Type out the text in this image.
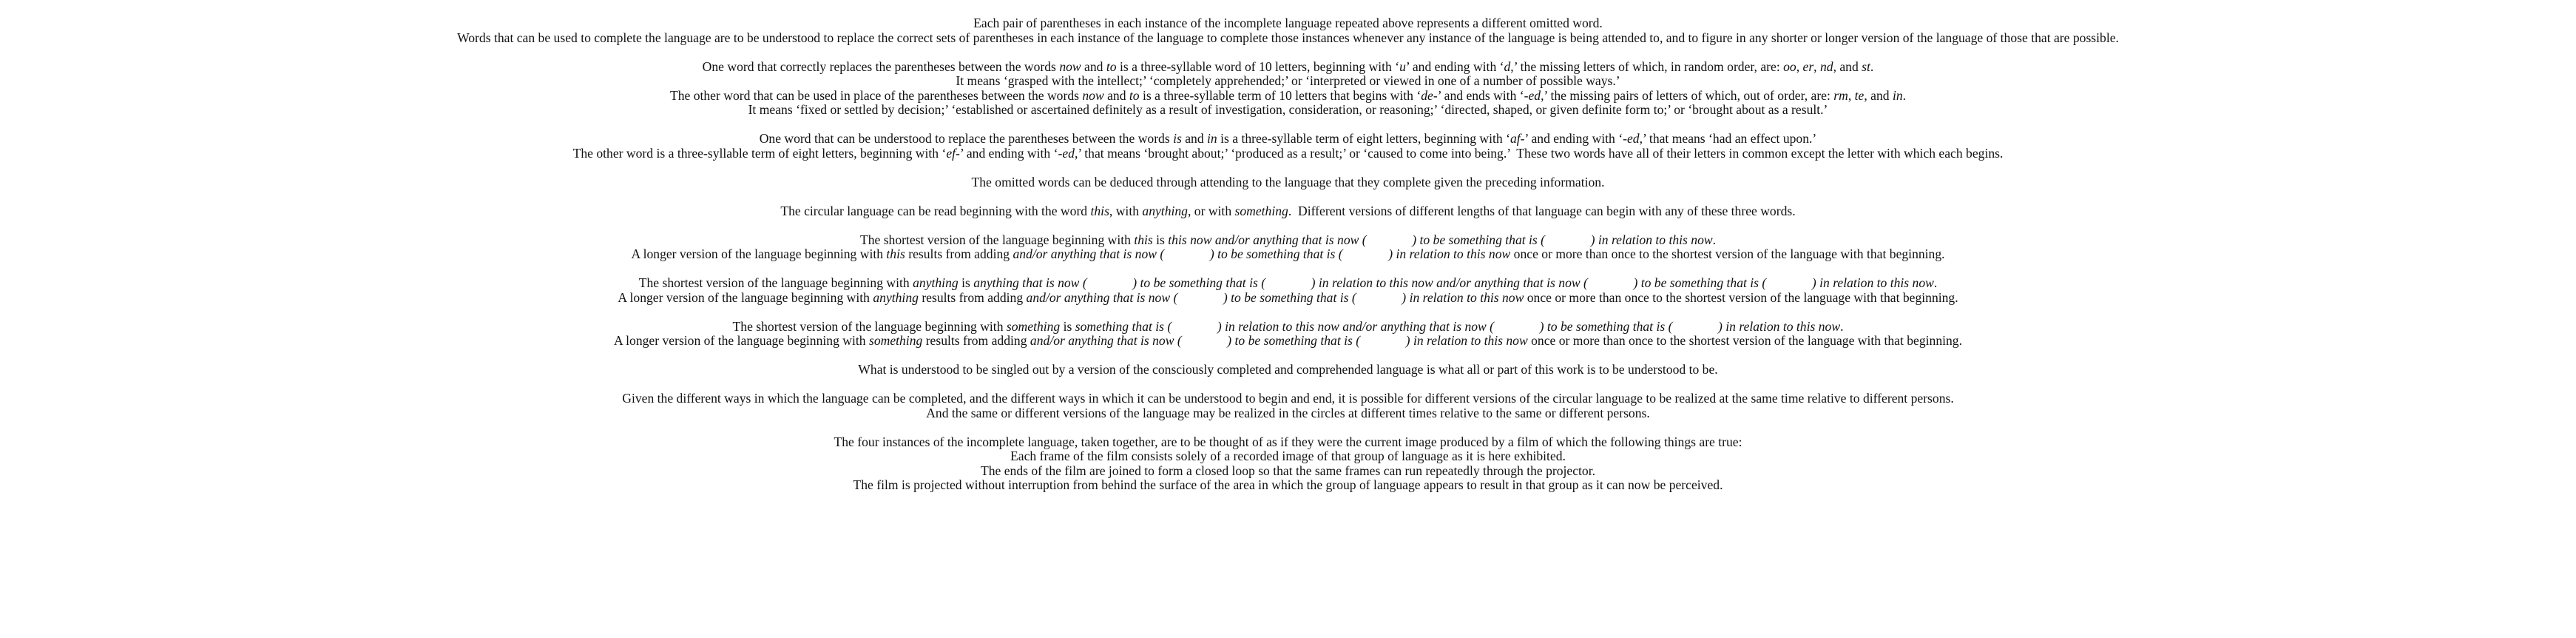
Each pair of parentheses in each instance of the incomplete language repeated above represents a different omitted word.
Words that can be used to complete the language are to be understood to replace the correct sets of parentheses in each instance of the language to complete those instances whenever any instance of the language is being attended to, and to figure in any shorter or longer version of the language of those that are possible.
One word that correctly replaces the parentheses between the words now and to is a three-syllable word of 10 letters, beginning with ‘u’ and ending with ‘d,’ the missing letters of which, in random order, are: oo, er, nd, and st.
It means ‘grasped with the intellect;’ ‘completely apprehended;’ or ‘interpreted or viewed in one of a number of possible ways.’
The other word that can be used in place of the parentheses between the words now and to is a three-syllable term of 10 letters that begins with ‘de-’ and ends with ‘-ed,’ the missing pairs of letters of which, out of order, are: rm, te, and in.
It means ‘fixed or settled by decision;’ ‘established or ascertained definitely as a result of investigation, consideration, or reasoning;’ ‘directed, shaped, or given definite form to;’ or ‘brought about as a result.’
One word that can be understood to replace the parentheses between the words is and in is a three-syllable term of eight letters, beginning with ‘af-’ and ending with ‘-ed,’ that means ‘had an effect upon.’
The other word is a three-syllable term of eight letters, beginning with ‘ef-’ and ending with ‘-ed,’ that means ‘brought about;’ ‘produced as a result;’ or ‘caused to come into being.’  These two words have all of their letters in common except the letter with which each begins.
The omitted words can be deduced through attending to the language that they complete given the preceding information.
The circular language can be read beginning with the word this, with anything, or with something.  Different versions of different lengths of that language can begin with any of these three words.
The shortest version of the language beginning with this is this now and/or anything that is now (              ) to be something that is (              ) in relation to this now.
A longer version of the language beginning with this results from adding and/or anything that is now (              ) to be something that is (              ) in relation to this now once or more than once to the shortest version of the language with that beginning.
The shortest version of the language beginning with anything is anything that is now (              ) to be something that is (              ) in relation to this now and/or anything that is now (              ) to be something that is (              ) in relation to this now.
A longer version of the language beginning with anything results from adding and/or anything that is now (              ) to be something that is (              ) in relation to this now once or more than once to the shortest version of the language with that beginning.
The shortest version of the language beginning with something is something that is (              ) in relation to this now and/or anything that is now (              ) to be something that is (              ) in relation to this now.
A longer version of the language beginning with something results from adding and/or anything that is now (              ) to be something that is (              ) in relation to this now once or more than once to the shortest version of the language with that beginning.
What is understood to be singled out by a version of the consciously completed and comprehended language is what all or part of this work is to be understood to be.
Given the different ways in which the language can be completed, and the different ways in which it can be understood to begin and end, it is possible for different versions of the circular language to be realized at the same time relative to different persons.
And the same or different versions of the language may be realized in the circles at different times relative to the same or different persons.
The four instances of the incomplete language, taken together, are to be thought of as if they were the current image produced by a film of which the following things are true:
Each frame of the film consists solely of a recorded image of that group of language as it is here exhibited.
The ends of the film are joined to form a closed loop so that the same frames can run repeatedly through the projector.
The film is projected without interruption from behind the surface of the area in which the group of language appears to result in that group as it can now be perceived.
